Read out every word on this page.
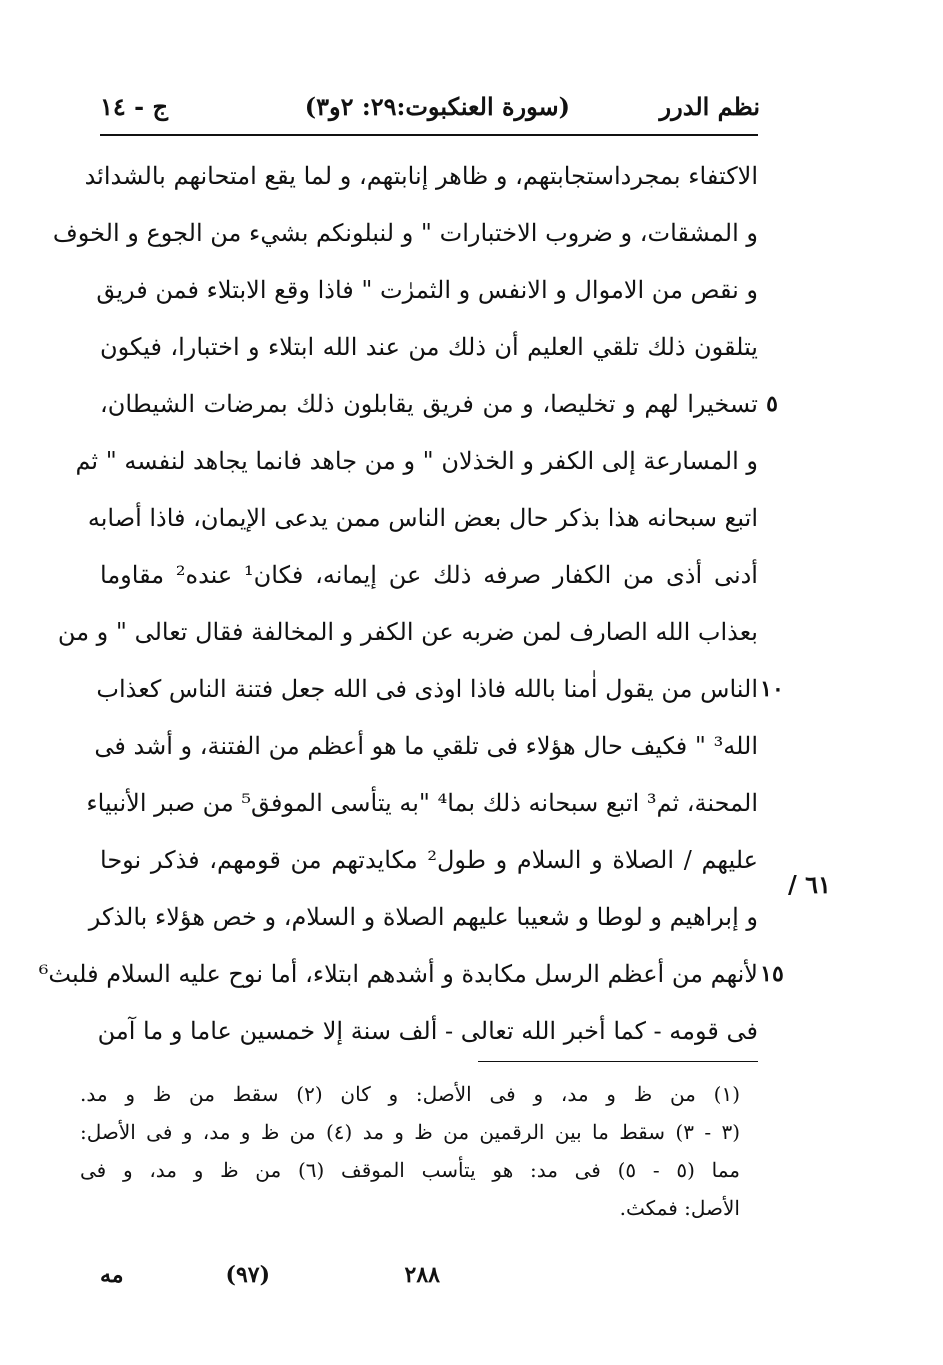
نظم الدرر
(سورة العنكبوت:٢٩: ٢و٣)
ج - ١٤
الاكتفاء بمجرداستجابتهم، و ظاهر إنابتهم، و لما يقع امتحانهم بالشدائد
و المشقات، و ضروب الاختبارات " و لنبلونكم بشيء من الجوع و الخوف
و نقص من الاموال و الانفس و الثمرٰت " فاذا وقع الابتلاء فمن فريق
يتلقون ذلك تلقي العليم أن ذلك من عند الله ابتلاء و اختبارا، فيكون
تسخيرا لهم و تخليصا، و من فريق يقابلون ذلك بمرضات الشيطان،
و المسارعة إلى الكفر و الخذلان " و من جاهد فانما يجاهد لنفسه " ثم
اتبع سبحانه هذا بذكر حال بعض الناس ممن يدعى الإيمان، فاذا أصابه
أدنى أذى من الكفار صرفه ذلك عن إيمانه، فكان¹ عنده² مقاوما
بعذاب الله الصارف لمن ضربه عن الكفر و المخالفة فقال تعالى " و من
الناس من يقول اٰمنا بالله فاذا اوذى فى الله جعل فتنة الناس كعذاب
الله³ " فكيف حال هؤلاء فى تلقي ما هو أعظم من الفتنة، و أشد فى
المحنة، ثم³ اتبع سبحانه ذلك بما⁴ "به يتأسى الموفق⁵ من صبر الأنبياء
عليهم / الصلاة و السلام و طول² مكايدتهم من قومهم، فذكر نوحا
و إبراهيم و لوطا و شعيبا عليهم الصلاة و السلام، و خص هؤلاء بالذكر
لأنهم من أعظم الرسل مكابدة و أشدهم ابتلاء، أما نوح عليه السلام فلبث⁶
فى قومه - كما أخبر الله تعالى - ألف سنة إلا خمسين عاما و ما آمن
٥
١٠
١٥
٦١ /
(١) من ظ و مد، و فى الأصل: و كان (٢) سقط من ظ و مد.
(٣ - ٣) سقط ما بين الرقمين من ظ و مد (٤) من ظ و مد، و فى الأصل:
مما (٥ - ٥) فى مد: هو يتأسب الموقف (٦) من ظ و مد، و فى
الأصل: فمكث.
٢٨٨
(٩٧)
مه
